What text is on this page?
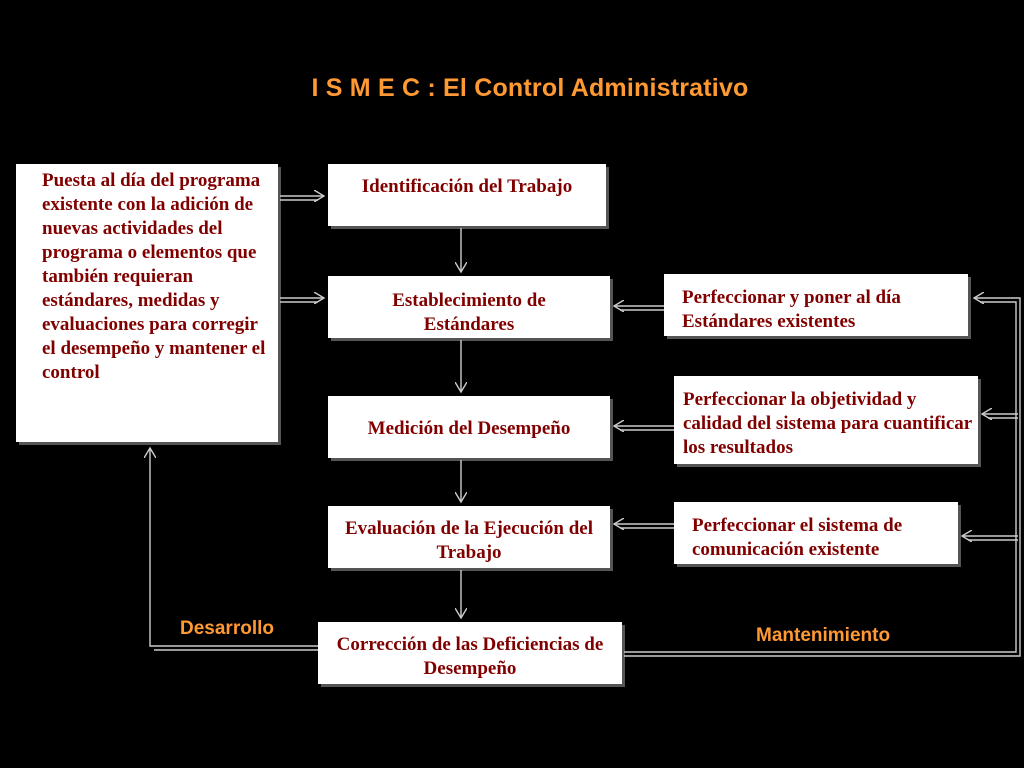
I S M E C : El Control Administrativo
Puesta al día del programa existente con la adición de nuevas actividades del programa o elementos que también requieran estándares, medidas y evaluaciones para corregir el desempeño y mantener el control
Identificación del Trabajo
Establecimiento de Estándares
Medición del Desempeño
Evaluación de la Ejecución del Trabajo
Corrección de las Deficiencias de Desempeño
Perfeccionar y poner al día Estándares existentes
Perfeccionar la objetividad y calidad del sistema para cuantificar los resultados
Perfeccionar el sistema de comunicación existente
Desarrollo	Mantenimiento
